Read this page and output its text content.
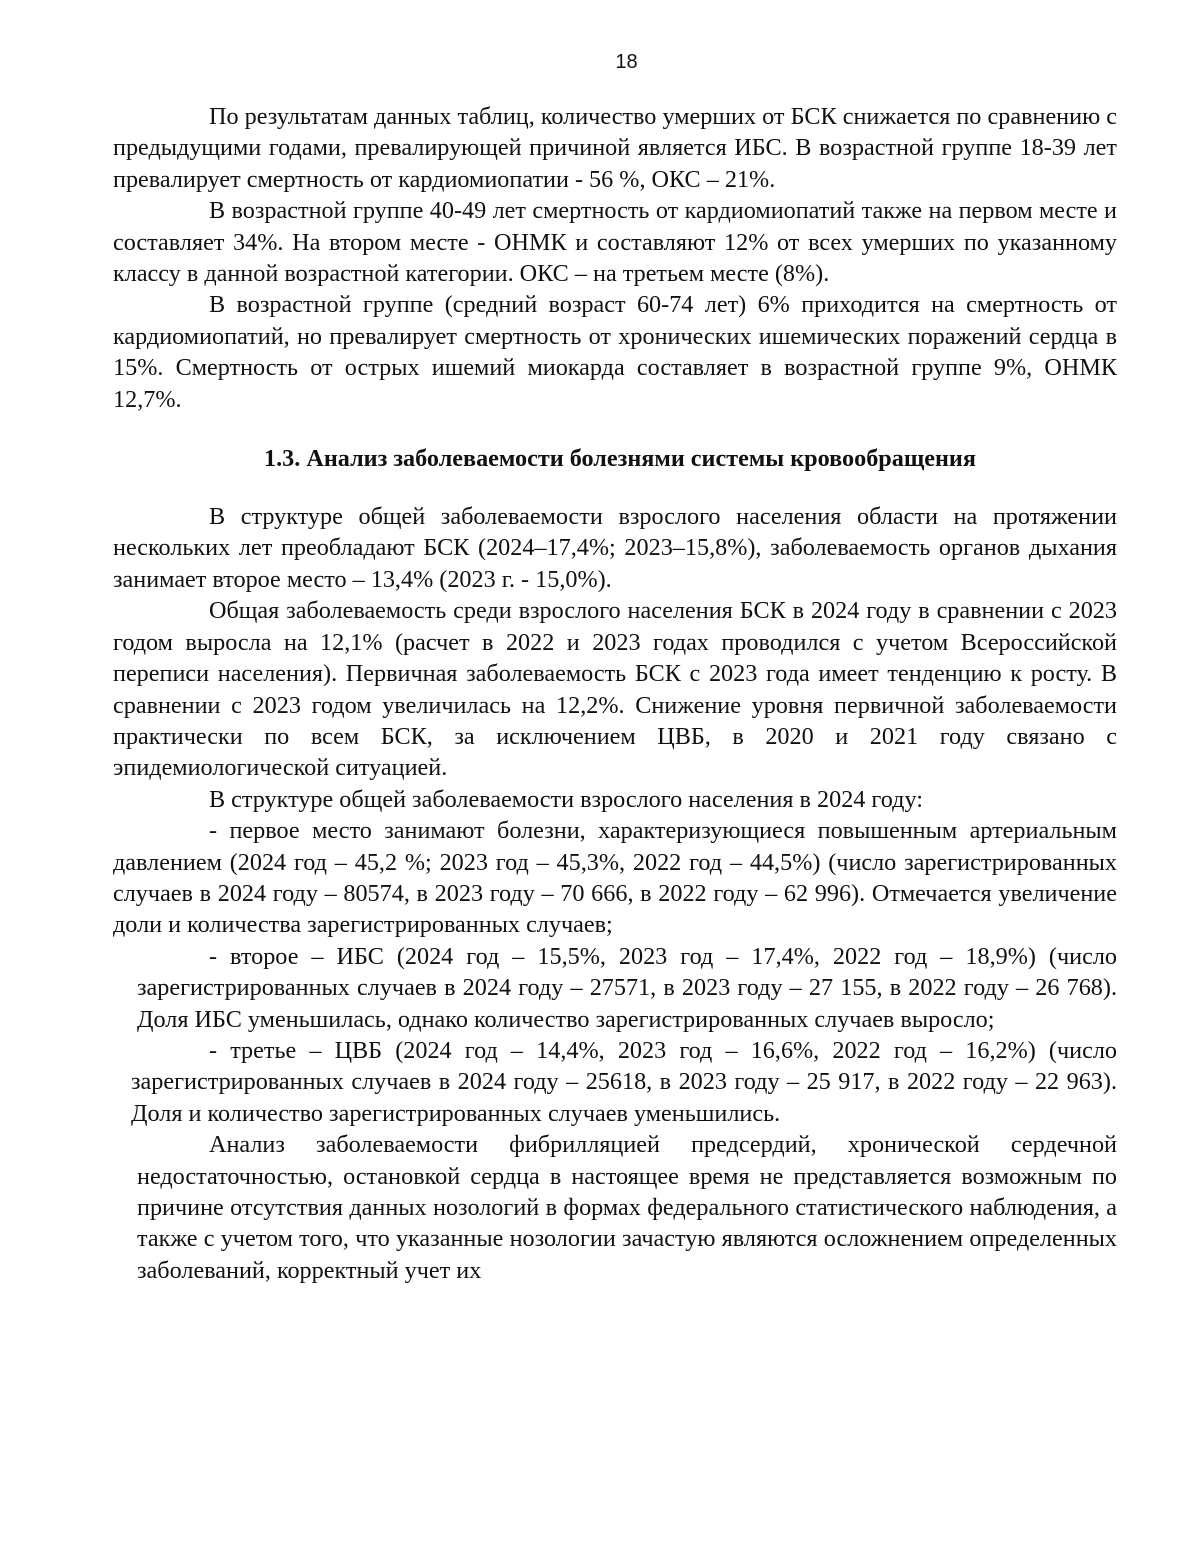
18

По результатам данных таблиц, количество умерших от БСК снижается по сравнению с предыдущими годами, превалирующей причиной является ИБС. В возрастной группе 18-39 лет превалирует смертность от кардиомиопатии - 56 %, ОКС – 21%.

В возрастной группе 40-49 лет смертность от кардиомиопатий также на первом месте и составляет 34%. На втором месте - ОНМК и составляют 12% от всех умерших по указанному классу в данной возрастной категории. ОКС – на третьем месте (8%).

В возрастной группе (средний возраст 60-74 лет) 6% приходится на смертность от кардиомиопатий, но превалирует смертность от хронических ишемических поражений сердца в 15%. Смертность от острых ишемий миокарда составляет в возрастной группе 9%, ОНМК 12,7%.

1.3. Анализ заболеваемости болезнями системы кровообращения

В структуре общей заболеваемости взрослого населения области на протяжении нескольких лет преобладают БСК (2024–17,4%; 2023–15,8%), заболеваемость органов дыхания занимает второе место – 13,4% (2023 г. - 15,0%).

Общая заболеваемость среди взрослого населения БСК в 2024 году в сравнении с 2023 годом выросла на 12,1% (расчет в 2022 и 2023 годах проводился с учетом Всероссийской переписи населения). Первичная заболеваемость БСК с 2023 года имеет тенденцию к росту. В сравнении с 2023 годом увеличилась на 12,2%. Снижение уровня первичной заболеваемости практически по всем БСК, за исключением ЦВБ, в 2020 и 2021 году связано с эпидемиологической ситуацией.

В структуре общей заболеваемости взрослого населения в 2024 году:

- первое место занимают болезни, характеризующиеся повышенным артериальным давлением (2024 год – 45,2 %; 2023 год – 45,3%, 2022 год – 44,5%) (число зарегистрированных случаев в 2024 году – 80574, в 2023 году – 70 666, в 2022 году – 62 996). Отмечается увеличение доли и количества зарегистрированных случаев;

- второе – ИБС (2024 год – 15,5%, 2023 год – 17,4%, 2022 год – 18,9%) (число зарегистрированных случаев в 2024 году – 27571, в 2023 году – 27 155, в 2022 году – 26 768). Доля ИБС уменьшилась, однако количество зарегистрированных случаев выросло;

- третье – ЦВБ (2024 год – 14,4%, 2023 год – 16,6%, 2022 год – 16,2%) (число зарегистрированных случаев в 2024 году – 25618, в 2023 году – 25 917, в 2022 году – 22 963). Доля и количество зарегистрированных случаев уменьшились.

Анализ заболеваемости фибрилляцией предсердий, хронической сердечной недостаточностью, остановкой сердца в настоящее время не представляется возможным по причине отсутствия данных нозологий в формах федерального статистического наблюдения, а также с учетом того, что указанные нозологии зачастую являются осложнением определенных заболеваний, корректный учет их
